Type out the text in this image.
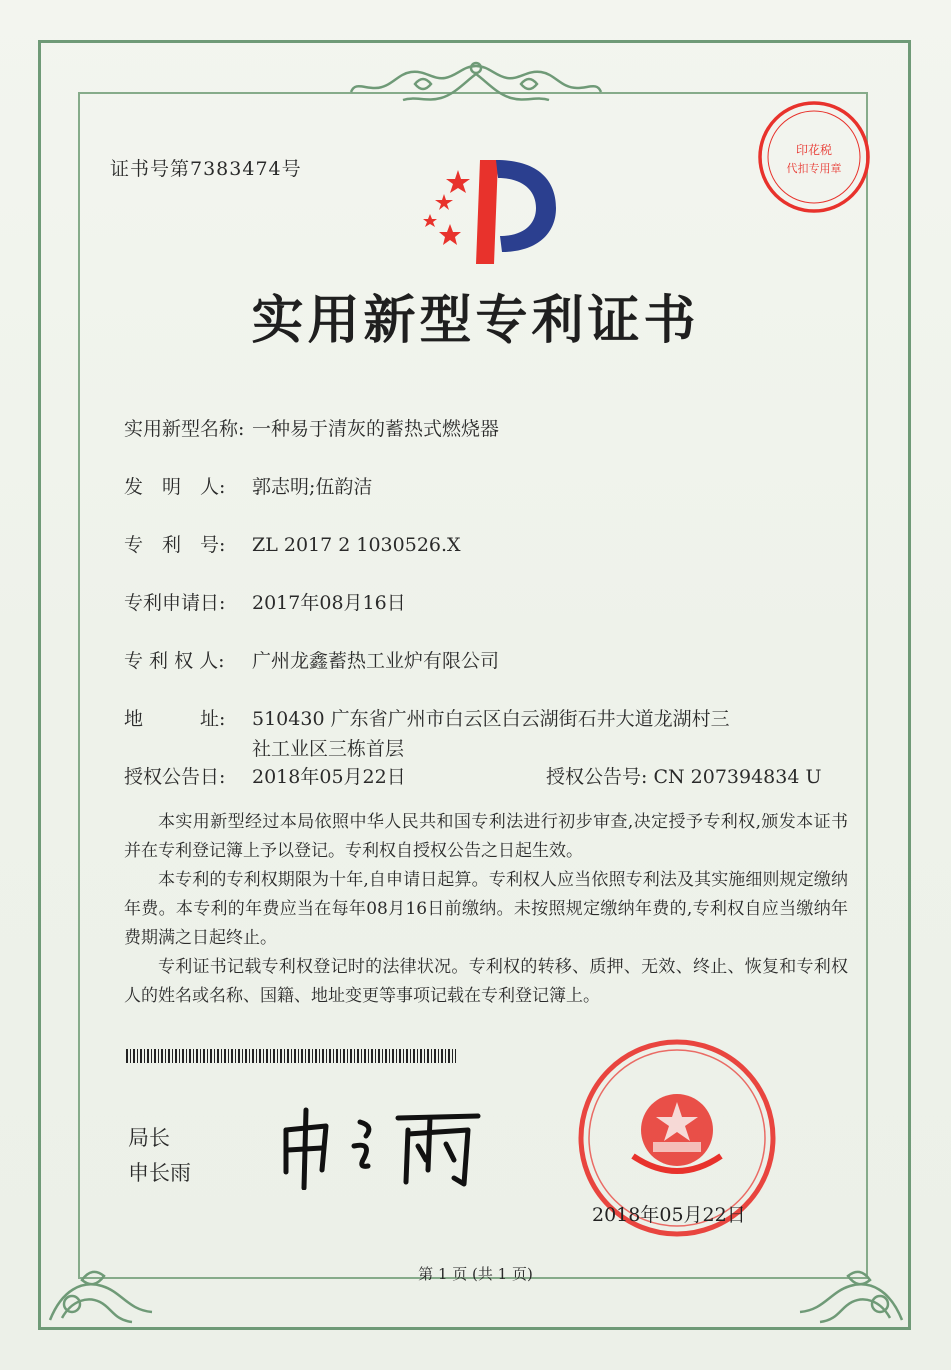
证书号第7383474号
实用新型专利证书
实用新型名称: 一种易于清灰的蓄热式燃烧器
发　明　人: 郭志明;伍韵洁
专　利　号: ZL 2017 2 1030526.X
专利申请日: 2017年08月16日
专 利 权 人: 广州龙鑫蓄热工业炉有限公司
地　　　址: 510430 广东省广州市白云区白云湖街石井大道龙湖村三
社工业区三栋首层
授权公告日: 2018年05月22日	授权公告号: CN 207394834 U
本实用新型经过本局依照中华人民共和国专利法进行初步审查,决定授予专利权,颁发本证书并在专利登记簿上予以登记。专利权自授权公告之日起生效。
本专利的专利权期限为十年,自申请日起算。专利权人应当依照专利法及其实施细则规定缴纳年费。本专利的年费应当在每年08月16日前缴纳。未按照规定缴纳年费的,专利权自应当缴纳年费期满之日起终止。
专利证书记载专利权登记时的法律状况。专利权的转移、质押、无效、终止、恢复和专利权人的姓名或名称、国籍、地址变更等事项记载在专利登记簿上。
局长
申长雨
印花税
代扣专用章
2018年05月22日
第 1 页 (共 1 页)
